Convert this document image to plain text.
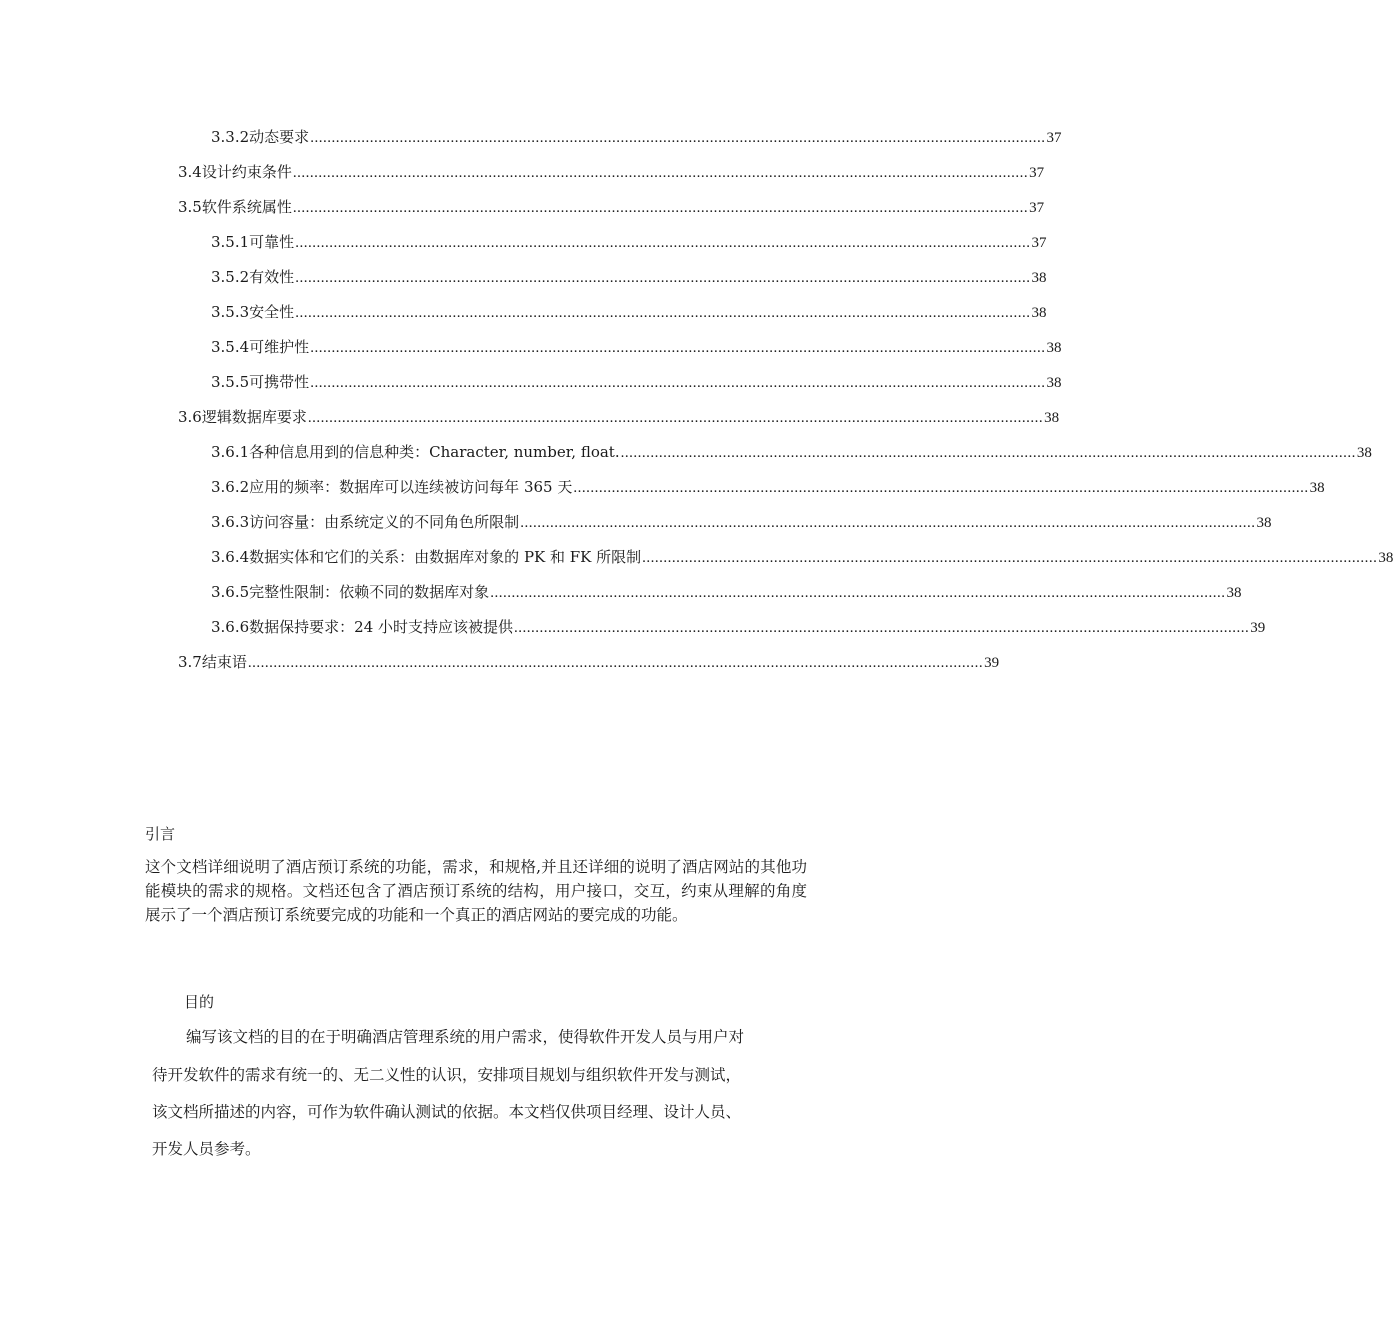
3.3.2 动态要求 ............................................................................................................................................................................. 37
3.4 设计约束条件 ............................................................................................................................................................................. 37
3.5 软件系统属性 ............................................................................................................................................................................. 37
3.5.1 可靠性 ............................................................................................................................................................................. 37
3.5.2 有效性 ............................................................................................................................................................................. 38
3.5.3 安全性 ............................................................................................................................................................................. 38
3.5.4 可维护性 ............................................................................................................................................................................. 38
3.5.5 可携带性 ............................................................................................................................................................................. 38
3.6 逻辑数据库要求 ............................................................................................................................................................................. 38
3.6.1 各种信息用到的信息种类：Character, number, float. ............................................................................................................................................................................. 38
3.6.2 应用的频率：数据库可以连续被访问每年 365 天 ............................................................................................................................................................................. 38
3.6.3 访问容量：由系统定义的不同角色所限制 ............................................................................................................................................................................. 38
3.6.4 数据实体和它们的关系：由数据库对象的 PK 和 FK 所限制 ............................................................................................................................................................................. 38
3.6.5 完整性限制：依赖不同的数据库对象 ............................................................................................................................................................................. 38
3.6.6 数据保持要求：24 小时支持应该被提供 ............................................................................................................................................................................. 39
3.7 结束语 ............................................................................................................................................................................. 39
引言
这个文档详细说明了酒店预订系统的功能，需求，和规格,并且还详细的说明了酒店网站的其他功能模块的需求的规格。文档还包含了酒店预订系统的结构，用户接口，交互，约束从理解的角度展示了一个酒店预订系统要完成的功能和一个真正的酒店网站的要完成的功能。
目的
编写该文档的目的在于明确酒店管理系统的用户需求，使得软件开发人员与用户对
待开发软件的需求有统一的、无二义性的认识，安排项目规划与组织软件开发与测试，
该文档所描述的内容，可作为软件确认测试的依据。本文档仅供项目经理、设计人员、
开发人员参考。
